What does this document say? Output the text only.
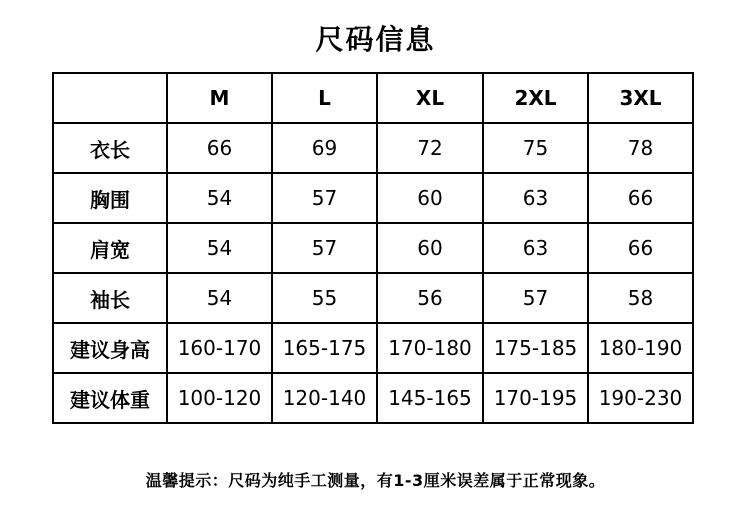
尺码信息
	M	L	XL	2XL	3XL
衣长	66	69	72	75	78
胸围	54	57	60	63	66
肩宽	54	57	60	63	66
袖长	54	55	56	57	58
建议身高	160-170	165-175	170-180	175-185	180-190
建议体重	100-120	120-140	145-165	170-195	190-230
温馨提示：尺码为纯手工测量，有1-3厘米误差属于正常现象。
